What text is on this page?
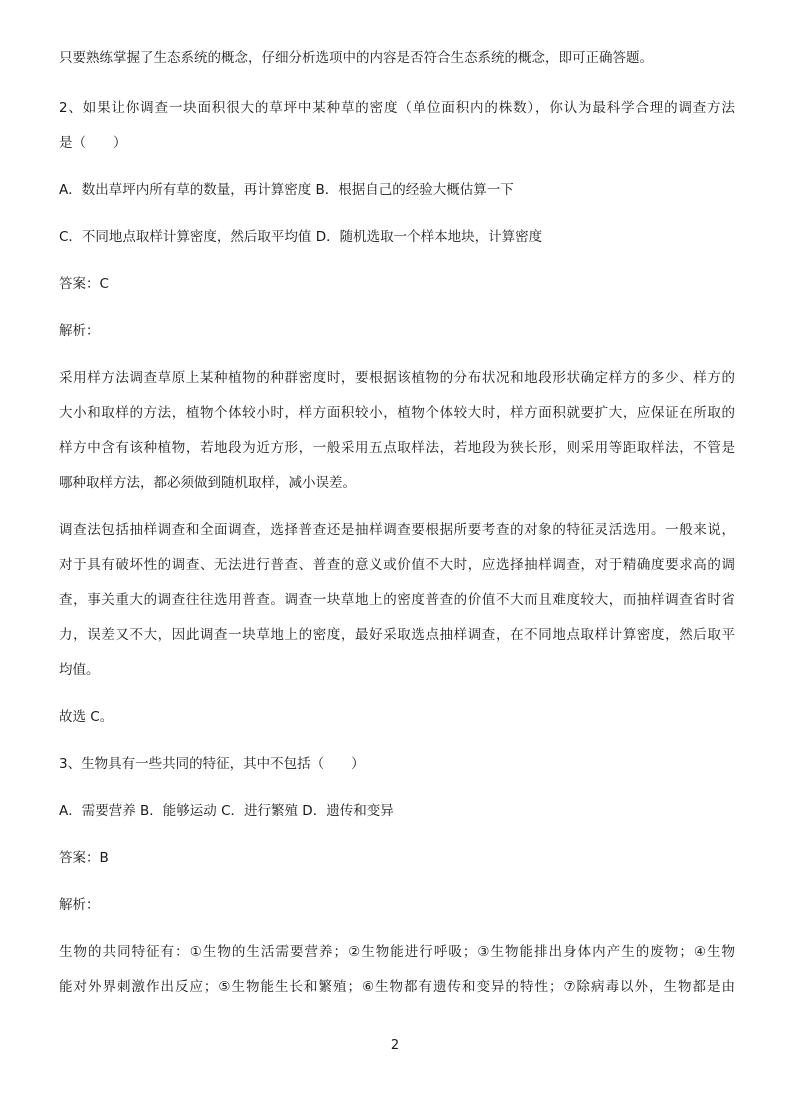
只要熟练掌握了生态系统的概念，仔细分析选项中的内容是否符合生态系统的概念，即可正确答题。
2、如果让你调查一块面积很大的草坪中某种草的密度（单位面积内的株数），你认为最科学合理的调查方法
是（　　）
A．数出草坪内所有草的数量，再计算密度 B．根据自己的经验大概估算一下
C．不同地点取样计算密度，然后取平均值 D．随机选取一个样本地块，计算密度
答案：C
解析：
采用样方法调查草原上某种植物的种群密度时，要根据该植物的分布状况和地段形状确定样方的多少、样方的
大小和取样的方法，植物个体较小时，样方面积较小，植物个体较大时，样方面积就要扩大，应保证在所取的
样方中含有该种植物，若地段为近方形，一般采用五点取样法，若地段为狭长形，则采用等距取样法，不管是
哪种取样方法，都必须做到随机取样，减小误差。
调查法包括抽样调查和全面调查，选择普查还是抽样调查要根据所要考查的对象的特征灵活选用。一般来说，
对于具有破坏性的调查、无法进行普查、普查的意义或价值不大时，应选择抽样调查，对于精确度要求高的调
查，事关重大的调查往往选用普查。调查一块草地上的密度普查的价值不大而且难度较大，而抽样调查省时省
力，误差又不大，因此调查一块草地上的密度，最好采取选点抽样调查，在不同地点取样计算密度，然后取平
均值。
故选 C。
3、生物具有一些共同的特征，其中不包括（　　）
A．需要营养 B．能够运动 C．进行繁殖 D．遗传和变异
答案：B
解析：
生物的共同特征有：①生物的生活需要营养；②生物能进行呼吸；③生物能排出身体内产生的废物；④生物
能对外界刺激作出反应；⑤生物能生长和繁殖；⑥生物都有遗传和变异的特性；⑦除病毒以外，生物都是由
2
